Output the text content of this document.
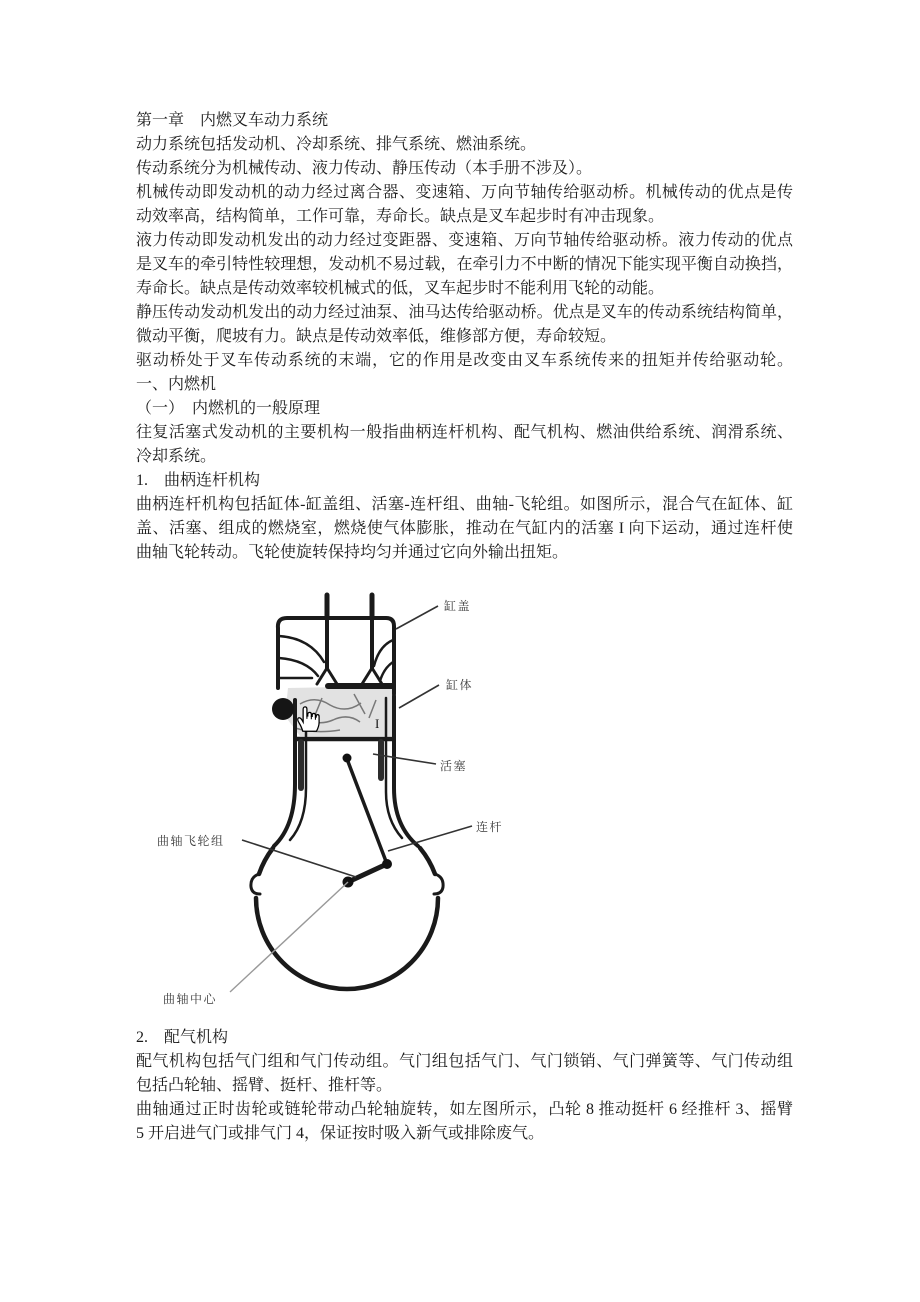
第一章　内燃叉车动力系统
动力系统包括发动机、冷却系统、排气系统、燃油系统。
传动系统分为机械传动、液力传动、静压传动（本手册不涉及）。
机械传动即发动机的动力经过离合器、变速箱、万向节轴传给驱动桥。机械传动的优点是传
动效率高，结构简单，工作可靠，寿命长。缺点是叉车起步时有冲击现象。
液力传动即发动机发出的动力经过变距器、变速箱、万向节轴传给驱动桥。液力传动的优点
是叉车的牵引特性较理想，发动机不易过载，在牵引力不中断的情况下能实现平衡自动换挡，
寿命长。缺点是传动效率较机械式的低，叉车起步时不能利用飞轮的动能。
静压传动发动机发出的动力经过油泵、油马达传给驱动桥。优点是叉车的传动系统结构简单，
微动平衡，爬坡有力。缺点是传动效率低，维修部方便，寿命较短。
驱动桥处于叉车传动系统的末端，它的作用是改变由叉车系统传来的扭矩并传给驱动轮。
一、内燃机
（一）　内燃机的一般原理
往复活塞式发动机的主要机构一般指曲柄连杆机构、配气机构、燃油供给系统、润滑系统、
冷却系统。
1.　曲柄连杆机构
曲柄连杆机构包括缸体-缸盖组、活塞-连杆组、曲轴-飞轮组。如图所示，混合气在缸体、缸
盖、活塞、组成的燃烧室，燃烧使气体膨胀，推动在气缸内的活塞 I 向下运动，通过连杆使
曲轴飞轮转动。飞轮使旋转保持均匀并通过它向外输出扭矩。
I
缸盖
缸体
活塞
连杆
曲轴飞轮组
曲轴中心
2.　配气机构
配气机构包括气门组和气门传动组。气门组包括气门、气门锁销、气门弹簧等、气门传动组
包括凸轮轴、摇臂、挺杆、推杆等。
曲轴通过正时齿轮或链轮带动凸轮轴旋转，如左图所示，凸轮 8 推动挺杆 6 经推杆 3、摇臂
5 开启进气门或排气门 4，保证按时吸入新气或排除废气。
